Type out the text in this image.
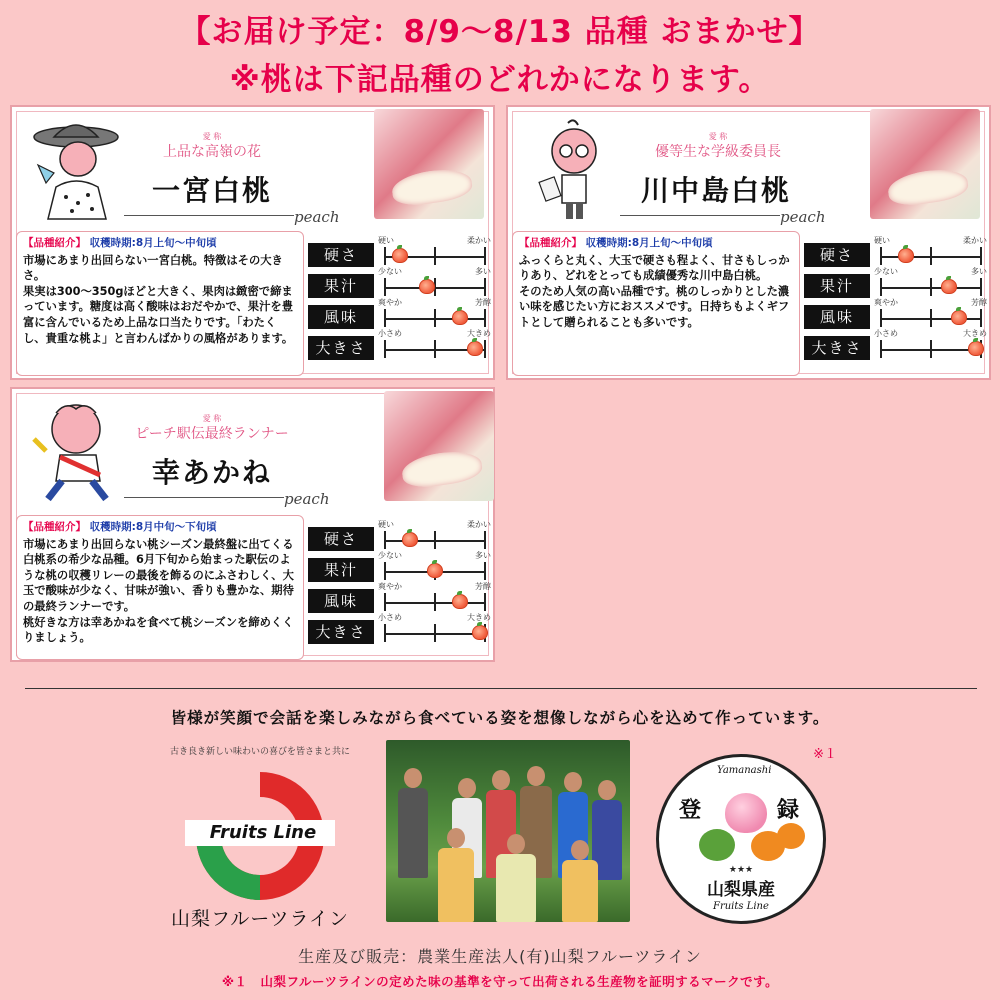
【お届け予定：8/9～8/13 品種 おまかせ】
※桃は下記品種のどれかになります。
愛 称
上品な高嶺の花
一宮白桃
peach
【品種紹介】 収穫時期:8月上旬～中旬頃
市場にあまり出回らない一宮白桃。特徴はその大きさ。
果実は300～350gほどと大きく、果肉は緻密で締まっています。糖度は高く酸味はおだやかで、果汁を豊富に含んでいるため上品な口当たりです。「わたくし、貴重な桃よ」と言わんばかりの風格があります。
硬さ
硬い	柔かい
果汁
少ない	多い
風味
爽やか	芳醇
大きさ
小さめ	大きめ
愛 称
優等生な学級委員長
川中島白桃
peach
【品種紹介】 収穫時期:8月上旬～中旬頃
ふっくらと丸く、大玉で硬さも程よく、甘さもしっかりあり、どれをとっても成績優秀な川中島白桃。
そのため人気の高い品種です。桃のしっかりとした濃い味を感じたい方におススメです。日持ちもよくギフトとして贈られることも多いです。
硬さ
硬い	柔かい
果汁
少ない	多い
風味
爽やか	芳醇
大きさ
小さめ	大きめ
愛 称
ピーチ駅伝最終ランナー
幸あかね
peach
【品種紹介】 収穫時期:8月中旬～下旬頃
市場にあまり出回らない桃シーズン最終盤に出てくる白桃系の希少な品種。6月下旬から始まった駅伝のような桃の収穫リレーの最後を飾るのにふさわしく、大玉で酸味が少なく、甘味が強い、香りも豊かな、期待の最終ランナーです。
桃好きな方は幸あかねを食べて桃シーズンを締めくくりましょう。
硬さ
硬い	柔かい
果汁
少ない	多い
風味
爽やか	芳醇
大きさ
小さめ	大きめ
皆様が笑顔で会話を楽しみながら食べている姿を想像しながら心を込めて作っています。
古き良き新しい味わいの喜びを皆さまと共に
Fruits Line
山梨フルーツライン
※１
Yamanashi
登	録
★★★
山梨県産
Fruits Line
生産及び販売：農業生産法人(有)山梨フルーツライン
※１　山梨フルーツラインの定めた味の基準を守って出荷される生産物を証明するマークです。
